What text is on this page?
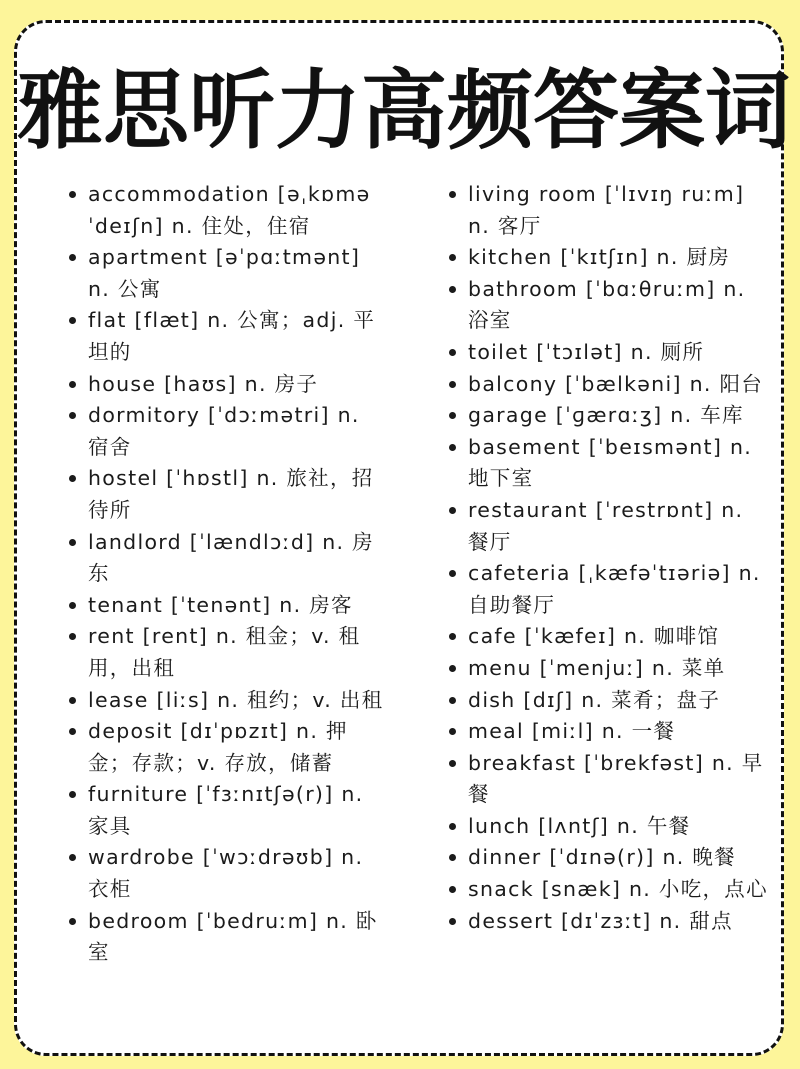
雅思听力高频答案词
accommodation [əˌkɒməˈdeɪʃn] n. 住处，住宿
apartment [əˈpɑːtmənt] n. 公寓
flat [flæt] n. 公寓；adj. 平坦的
house [haʊs] n. 房子
dormitory [ˈdɔːmətri] n. 宿舍
hostel [ˈhɒstl] n. 旅社，招待所
landlord [ˈlændlɔːd] n. 房东
tenant [ˈtenənt] n. 房客
rent [rent] n. 租金；v. 租用，出租
lease [liːs] n. 租约；v. 出租
deposit [dɪˈpɒzɪt] n. 押金；存款；v. 存放，储蓄
furniture [ˈfɜːnɪtʃə(r)] n. 家具
wardrobe [ˈwɔːdrəʊb] n. 衣柜
bedroom [ˈbedruːm] n. 卧室
living room [ˈlɪvɪŋ ruːm] n. 客厅
kitchen [ˈkɪtʃɪn] n. 厨房
bathroom [ˈbɑːθruːm] n. 浴室
toilet [ˈtɔɪlət] n. 厕所
balcony [ˈbælkəni] n. 阳台
garage [ˈɡærɑːʒ] n. 车库
basement [ˈbeɪsmənt] n. 地下室
restaurant [ˈrestrɒnt] n. 餐厅
cafeteria [ˌkæfəˈtɪəriə] n. 自助餐厅
cafe [ˈkæfeɪ] n. 咖啡馆
menu [ˈmenjuː] n. 菜单
dish [dɪʃ] n. 菜肴；盘子
meal [miːl] n. 一餐
breakfast [ˈbrekfəst] n. 早餐
lunch [lʌntʃ] n. 午餐
dinner [ˈdɪnə(r)] n. 晚餐
snack [snæk] n. 小吃，点心
dessert [dɪˈzɜːt] n. 甜点
